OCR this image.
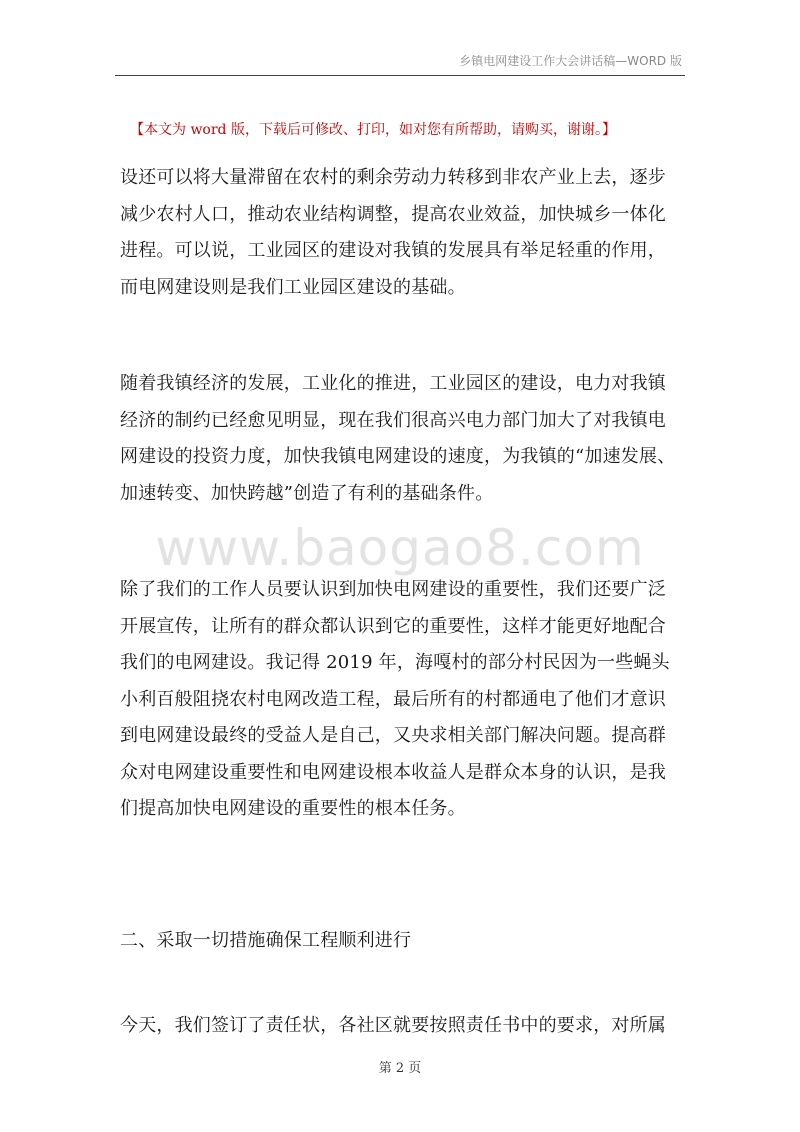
乡镇电网建设工作大会讲话稿—WORD 版
【本文为 word 版，下载后可修改、打印，如对您有所帮助，请购买，谢谢。】
www.baogao8.com

设还可以将大量滞留在农村的剩余劳动力转移到非农产业上去，逐步
减少农村人口，推动农业结构调整，提高农业效益，加快城乡一体化
进程。可以说，工业园区的建设对我镇的发展具有举足轻重的作用，
而电网建设则是我们工业园区建设的基础。

随着我镇经济的发展，工业化的推进，工业园区的建设，电力对我镇
经济的制约已经愈见明显，现在我们很高兴电力部门加大了对我镇电
网建设的投资力度，加快我镇电网建设的速度，为我镇的“加速发展、
加速转变、加快跨越”创造了有利的基础条件。

除了我们的工作人员要认识到加快电网建设的重要性，我们还要广泛
开展宣传，让所有的群众都认识到它的重要性，这样才能更好地配合
我们的电网建设。我记得 2019 年，海嘎村的部分村民因为一些蝇头
小利百般阻挠农村电网改造工程，最后所有的村都通电了他们才意识
到电网建设最终的受益人是自己，又央求相关部门解决问题。提高群
众对电网建设重要性和电网建设根本收益人是群众本身的认识，是我
们提高加快电网建设的重要性的根本任务。

二、采取一切措施确保工程顺利进行

今天，我们签订了责任状，各社区就要按照责任书中的要求，对所属

第 2 页
